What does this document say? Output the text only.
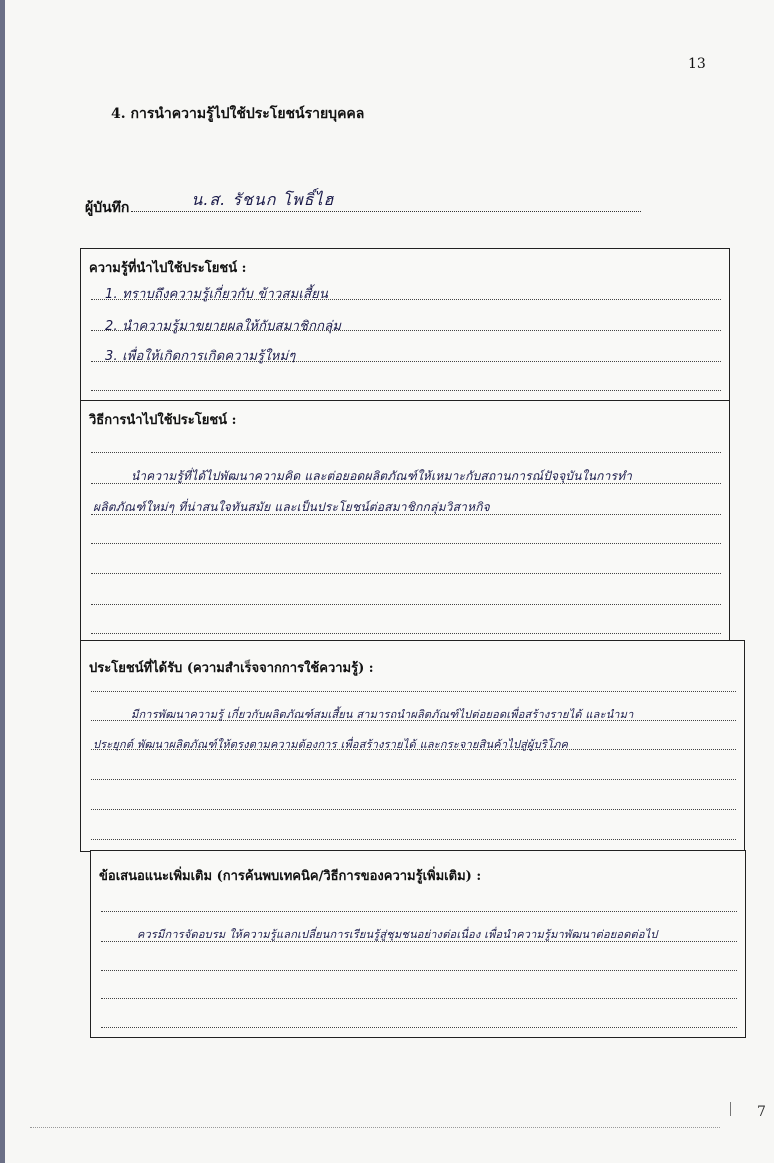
13
4. การนำความรู้ไปใช้ประโยชน์รายบุคคล
ผู้บันทึก	น.ส. รัชนก โพธิ์ไฮ
ความรู้ที่นำไปใช้ประโยชน์ :
1. ทราบถึงความรู้เกี่ยวกับ ข้าวสมเสี้ยน
2. นำความรู้มาขยายผลให้กับสมาชิกกลุ่ม
3. เพื่อให้เกิดการเกิดความรู้ใหม่ๆ
วิธีการนำไปใช้ประโยชน์ :
นำความรู้ที่ได้ไปพัฒนาความคิด และต่อยอดผลิตภัณฑ์ให้เหมาะกับสถานการณ์ปัจจุบันในการทำ
ผลิตภัณฑ์ใหม่ๆ ที่น่าสนใจทันสมัย และเป็นประโยชน์ต่อสมาชิกกลุ่มวิสาหกิจ
ประโยชน์ที่ได้รับ (ความสำเร็จจากการใช้ความรู้) :
มีการพัฒนาความรู้ เกี่ยวกับผลิตภัณฑ์สมเสี้ยน สามารถนำผลิตภัณฑ์ไปต่อยอดเพื่อสร้างรายได้ และนำมา
ประยุกต์ พัฒนาผลิตภัณฑ์ให้ตรงตามความต้องการ เพื่อสร้างรายได้ และกระจายสินค้าไปสู่ผู้บริโภค
ข้อเสนอแนะเพิ่มเติม (การค้นพบเทคนิค/วิธีการของความรู้เพิ่มเติม) :
ควรมีการจัดอบรม ให้ความรู้แลกเปลี่ยนการเรียนรู้สู่ชุมชนอย่างต่อเนื่อง เพื่อนำความรู้มาพัฒนาต่อยอดต่อไป
7
